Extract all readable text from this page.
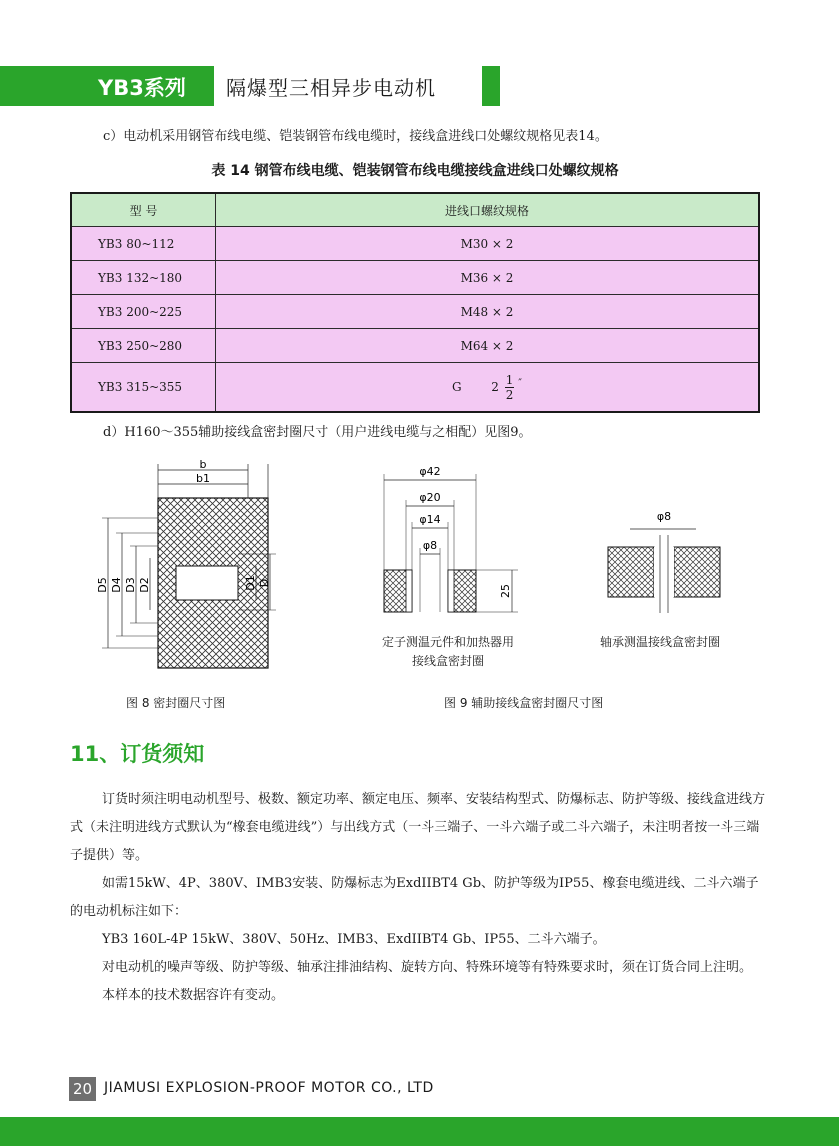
YB3系列 隔爆型三相异步电动机
c）电动机采用钢管布线电缆、铠装钢管布线电缆时，接线盒进线口处螺纹规格见表14。
表 14 钢管布线电缆、铠装钢管布线电缆接线盒进线口处螺纹规格
型 号	进线口螺纹规格
YB3 80~112	M30 × 2
YB3 132~180	M36 × 2
YB3 200~225	M48 × 2
YB3 250~280	M64 × 2
YB3 315~355	G $2 \frac{1}{2} ''$
d）H160～355辅助接线盒密封圈尺寸（用户进线电缆与之相配）见图9。
b
b1
D5 D4 D3 D2	D1 D
图 8 密封圈尺寸图
φ42
φ20
φ14
φ8
25
定子测温元件和加热器用
接线盒密封圈
φ8
轴承测温接线盒密封圈
图 9 辅助接线盒密封圈尺寸图
11、订货须知

订货时须注明电动机型号、极数、额定功率、额定电压、频率、安装结构型式、防爆标志、防护等级、接线盒进线方式（未注明进线方式默认为“橡套电缆进线”）与出线方式（一斗三端子、一斗六端子或二斗六端子，未注明者按一斗三端子提供）等。

如需15kW、4P、380V、IMB3安装、防爆标志为ExdIIBT4 Gb、防护等级为IP55、橡套电缆进线、二斗六端子的电动机标注如下：

YB3 160L-4P 15kW、380V、50Hz、IMB3、ExdIIBT4 Gb、IP55、二斗六端子。

对电动机的噪声等级、防护等级、轴承注排油结构、旋转方向、特殊环境等有特殊要求时，须在订货合同上注明。

本样本的技术数据容许有变动。

20 JIAMUSI EXPLOSION-PROOF MOTOR CO., LTD
